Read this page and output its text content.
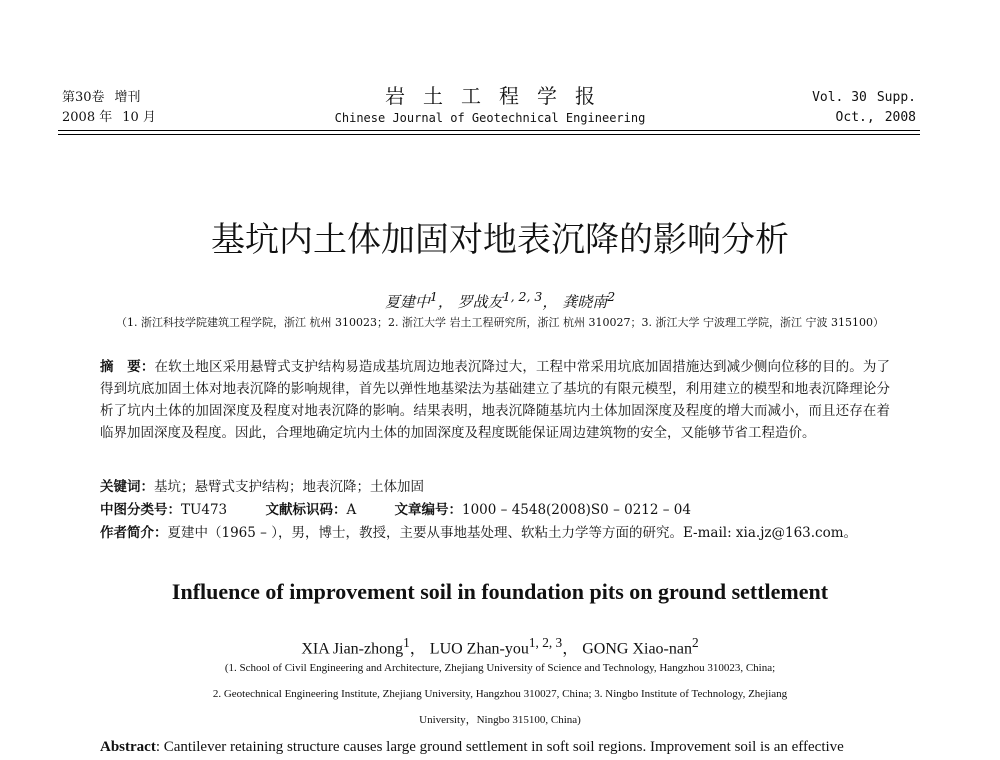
第30卷 增刊
2008 年 10 月
岩土工程学报
Chinese Journal of Geotechnical Engineering
Vol. 30 Supp.
Oct., 2008
基坑内土体加固对地表沉降的影响分析
夏建中$^1$， 罗战友$^{1, 2, 3}$， 龚晓南$^2$
（1. 浙江科技学院建筑工程学院，浙江 杭州 310023；2. 浙江大学 岩土工程研究所，浙江 杭州 310027；3. 浙江大学 宁波理工学院，浙江 宁波 315100）
摘　要：在软土地区采用悬臂式支护结构易造成基坑周边地表沉降过大，工程中常采用坑底加固措施达到减少侧向位移的目的。为了得到坑底加固土体对地表沉降的影响规律，首先以弹性地基梁法为基础建立了基坑的有限元模型，利用建立的模型和地表沉降理论分析了坑内土体的加固深度及程度对地表沉降的影响。结果表明，地表沉降随基坑内土体加固深度及程度的增大而减小，而且还存在着临界加固深度及程度。因此，合理地确定坑内土体的加固深度及程度既能保证周边建筑物的安全，又能够节省工程造价。
关键词：基坑；悬臂式支护结构；地表沉降；土体加固
中图分类号：TU473	文献标识码：A	文章编号：1000 – 4548(2008)S0 – 0212 – 04
作者简介：夏建中（1965 – ），男，博士，教授，主要从事地基处理、软粘土力学等方面的研究。E-mail: xia.jz@163.com。
Influence of improvement soil in foundation pits on ground settlement
XIA Jian-zhong$^1$， LUO Zhan-you$^{1, 2, 3}$， GONG Xiao-nan$^2$
(1. School of Civil Engineering and Architecture, Zhejiang University of Science and Technology, Hangzhou 310023, China;
2. Geotechnical Engineering Institute, Zhejiang University, Hangzhou 310027, China; 3. Ningbo Institute of Technology, Zhejiang
University，Ningbo 315100, China)
Abstract: Cantilever retaining structure causes large ground settlement in soft soil regions. Improvement soil is an effective
